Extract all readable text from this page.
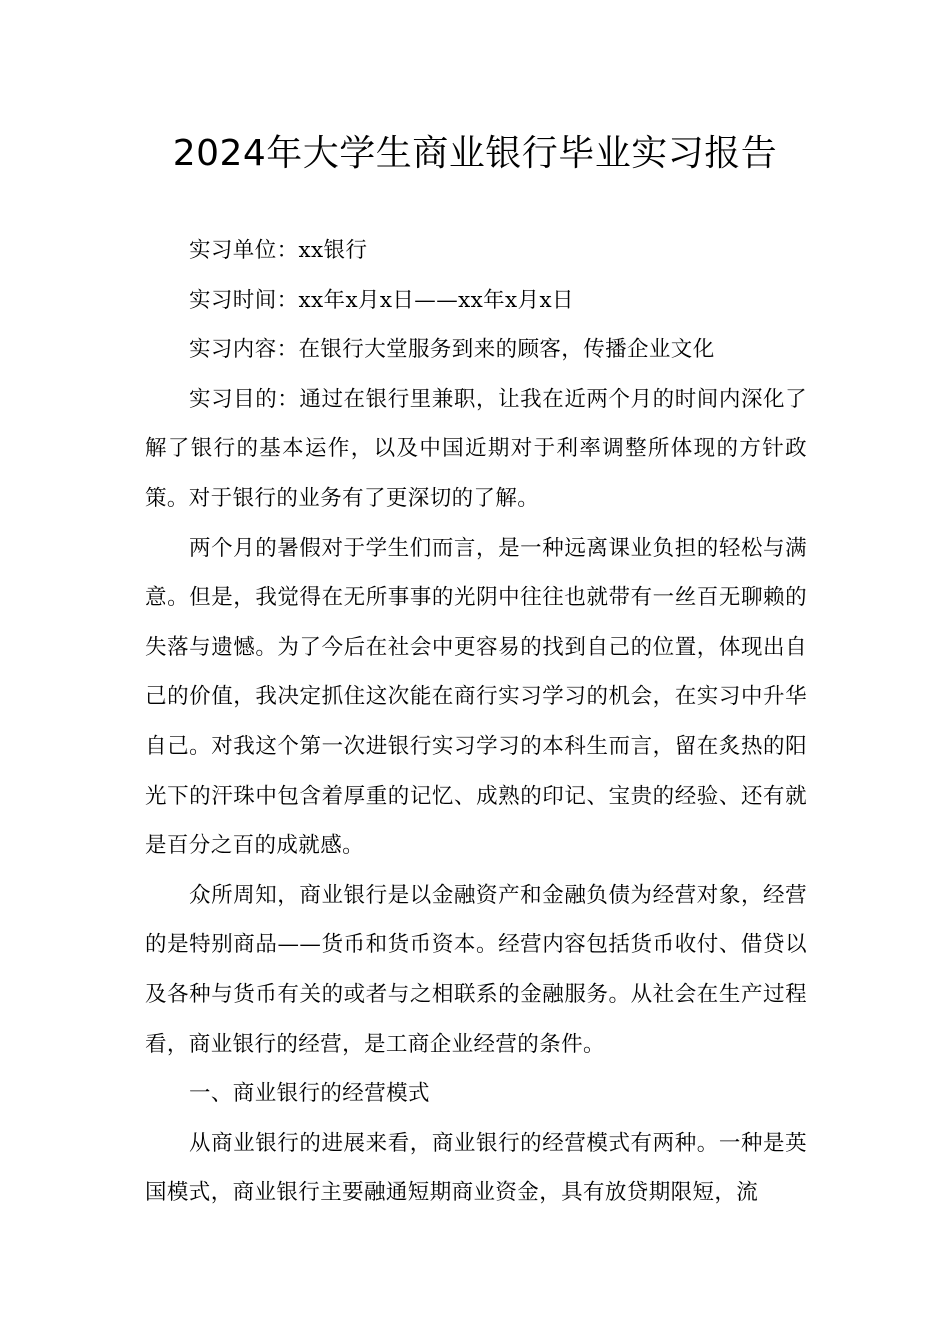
2024年大学生商业银行毕业实习报告

实习单位：xx银行

实习时间：xx年x月x日——xx年x月x日

实习内容：在银行大堂服务到来的顾客，传播企业文化

实习目的：通过在银行里兼职，让我在近两个月的时间内深化了解了银行的基本运作，以及中国近期对于利率调整所体现的方针政策。对于银行的业务有了更深切的了解。

两个月的暑假对于学生们而言，是一种远离课业负担的轻松与满意。但是，我觉得在无所事事的光阴中往往也就带有一丝百无聊赖的失落与遗憾。为了今后在社会中更容易的找到自己的位置，体现出自己的价值，我决定抓住这次能在商行实习学习的机会，在实习中升华自己。对我这个第一次进银行实习学习的本科生而言，留在炙热的阳光下的汗珠中包含着厚重的记忆、成熟的印记、宝贵的经验、还有就是百分之百的成就感。

众所周知，商业银行是以金融资产和金融负债为经营对象，经营的是特别商品——货币和货币资本。经营内容包括货币收付、借贷以及各种与货币有关的或者与之相联系的金融服务。从社会在生产过程看，商业银行的经营，是工商企业经营的条件。

一、商业银行的经营模式

从商业银行的进展来看，商业银行的经营模式有两种。一种是英国模式，商业银行主要融通短期商业资金，具有放贷期限短，流
